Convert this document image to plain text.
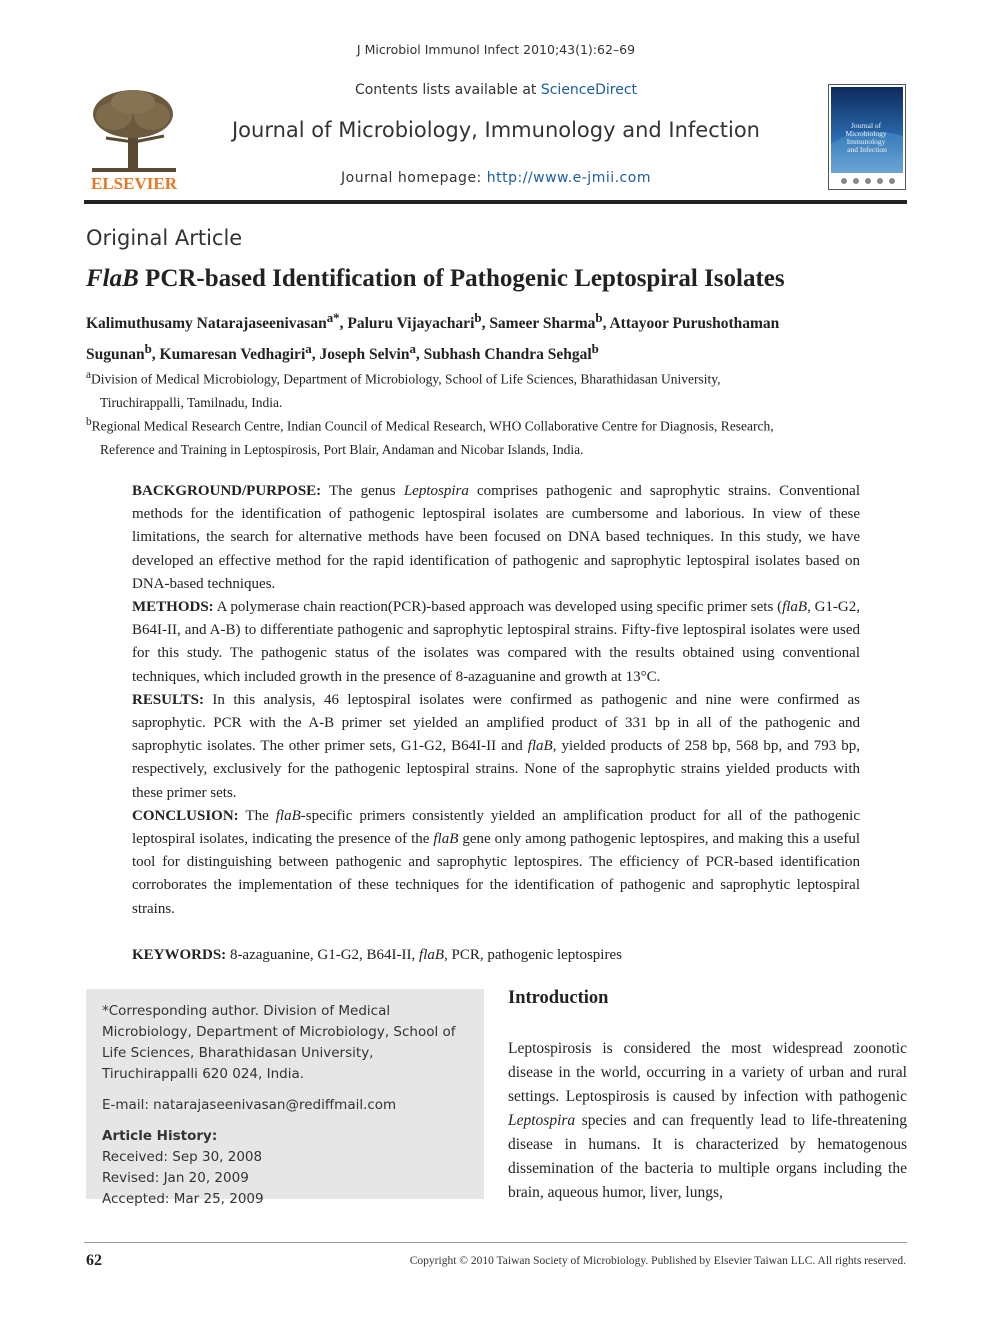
J Microbiol Immunol Infect 2010;43(1):62–69
ELSEVIER
Contents lists available at ScienceDirect
Journal of Microbiology, Immunology and Infection
Journal homepage: http://www.e-jmii.com
Journal of Microbiology Immunology and Infection
Original Article
FlaB PCR-based Identification of Pathogenic Leptospiral Isolates
Kalimuthusamy Natarajaseenivasan$^{a*}$, Paluru Vijayachari$^b$, Sameer Sharma$^b$, Attayoor Purushothaman
Sugunan$^b$, Kumaresan Vedhagiri$^a$, Joseph Selvin$^a$, Subhash Chandra Sehgal$^b$
$^a$Division of Medical Microbiology, Department of Microbiology, School of Life Sciences, Bharathidasan University,
Tiruchirappalli, Tamilnadu, India.
$^b$Regional Medical Research Centre, Indian Council of Medical Research, WHO Collaborative Centre for Diagnosis, Research,
Reference and Training in Leptospirosis, Port Blair, Andaman and Nicobar Islands, India.

BACKGROUND/PURPOSE: The genus Leptospira comprises pathogenic and saprophytic strains. Conventional methods for the identification of pathogenic leptospiral isolates are cumbersome and laborious. In view of these limitations, the search for alternative methods have been focused on DNA based techniques. In this study, we have developed an effective method for the rapid identification of pathogenic and saprophytic leptospiral isolates based on DNA-based techniques.

METHODS: A polymerase chain reaction(PCR)-based approach was developed using specific primer sets (flaB, G1-G2, B64I-II, and A-B) to differentiate pathogenic and saprophytic leptospiral strains. Fifty-five leptospiral isolates were used for this study. The pathogenic status of the isolates was compared with the results obtained using conventional techniques, which included growth in the presence of 8-azaguanine and growth at 13°C.

RESULTS: In this analysis, 46 leptospiral isolates were confirmed as pathogenic and nine were confirmed as saprophytic. PCR with the A-B primer set yielded an amplified product of 331 bp in all of the pathogenic and saprophytic isolates. The other primer sets, G1-G2, B64I-II and flaB, yielded products of 258 bp, 568 bp, and 793 bp, respectively, exclusively for the pathogenic leptospiral strains. None of the saprophytic strains yielded products with these primer sets.

CONCLUSION: The flaB-specific primers consistently yielded an amplification product for all of the pathogenic leptospiral isolates, indicating the presence of the flaB gene only among pathogenic leptospires, and making this a useful tool for distinguishing between pathogenic and saprophytic leptospires. The efficiency of PCR-based identification corroborates the implementation of these techniques for the identification of pathogenic and saprophytic leptospiral strains.

KEYWORDS: 8-azaguanine, G1-G2, B64I-II, flaB, PCR, pathogenic leptospires
*Corresponding author. Division of Medical Microbiology, Department of Microbiology, School of Life Sciences, Bharathidasan University, Tiruchirappalli 620 024, India.
E-mail: natarajaseenivasan@rediffmail.com
Article History:
Received: Sep 30, 2008
Revised: Jan 20, 2009
Accepted: Mar 25, 2009
Introduction
Leptospirosis is considered the most widespread zoonotic disease in the world, occurring in a variety of urban and rural settings. Leptospirosis is caused by infection with pathogenic Leptospira species and can frequently lead to life-threatening disease in humans. It is characterized by hematogenous dissemination of the bacteria to multiple organs including the brain, aqueous humor, liver, lungs,
62	Copyright © 2010 Taiwan Society of Microbiology. Published by Elsevier Taiwan LLC. All rights reserved.
